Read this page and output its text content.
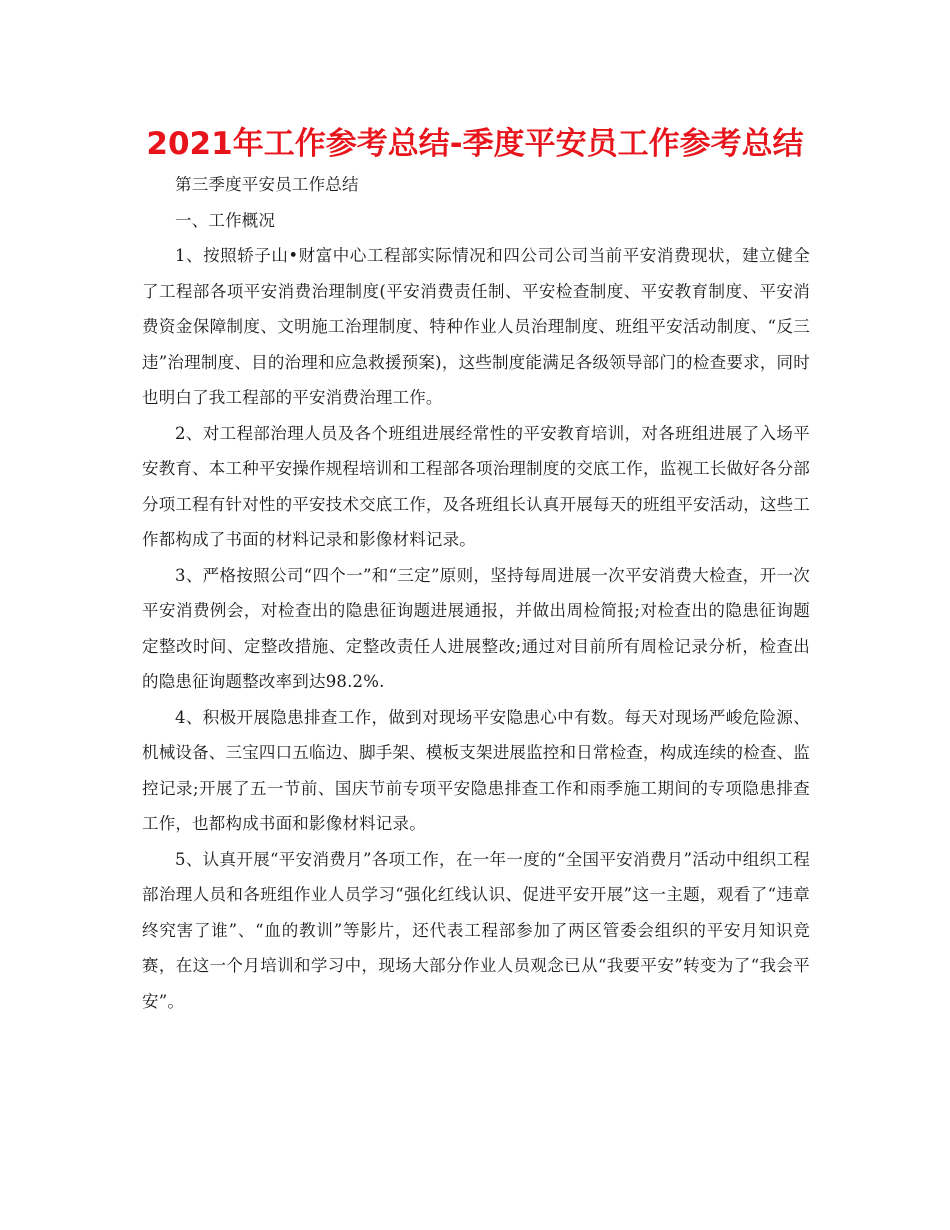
2021年工作参考总结-季度平安员工作参考总结

第三季度平安员工作总结

一、工作概况

1、按照轿子山•财富中心工程部实际情况和四公司公司当前平安消费现状，建立健全了工程部各项平安消费治理制度(平安消费责任制、平安检查制度、平安教育制度、平安消费资金保障制度、文明施工治理制度、特种作业人员治理制度、班组平安活动制度、“反三违”治理制度、目的治理和应急救援预案)，这些制度能满足各级领导部门的检查要求，同时也明白了我工程部的平安消费治理工作。

2、对工程部治理人员及各个班组进展经常性的平安教育培训，对各班组进展了入场平安教育、本工种平安操作规程培训和工程部各项治理制度的交底工作，监视工长做好各分部分项工程有针对性的平安技术交底工作，及各班组长认真开展每天的班组平安活动，这些工作都构成了书面的材料记录和影像材料记录。

3、严格按照公司“四个一”和“三定”原则，坚持每周进展一次平安消费大检查，开一次平安消费例会，对检查出的隐患征询题进展通报，并做出周检简报;对检查出的隐患征询题定整改时间、定整改措施、定整改责任人进展整改;通过对目前所有周检记录分析，检查出的隐患征询题整改率到达98.2%.

4、积极开展隐患排查工作，做到对现场平安隐患心中有数。每天对现场严峻危险源、机械设备、三宝四口五临边、脚手架、模板支架进展监控和日常检查，构成连续的检查、监控记录;开展了五一节前、国庆节前专项平安隐患排查工作和雨季施工期间的专项隐患排查工作，也都构成书面和影像材料记录。

5、认真开展“平安消费月”各项工作，在一年一度的“全国平安消费月”活动中组织工程部治理人员和各班组作业人员学习“强化红线认识、促进平安开展”这一主题，观看了“违章终究害了谁”、“血的教训”等影片，还代表工程部参加了两区管委会组织的平安月知识竞赛，在这一个月培训和学习中，现场大部分作业人员观念已从“我要平安”转变为了“我会平安”。
